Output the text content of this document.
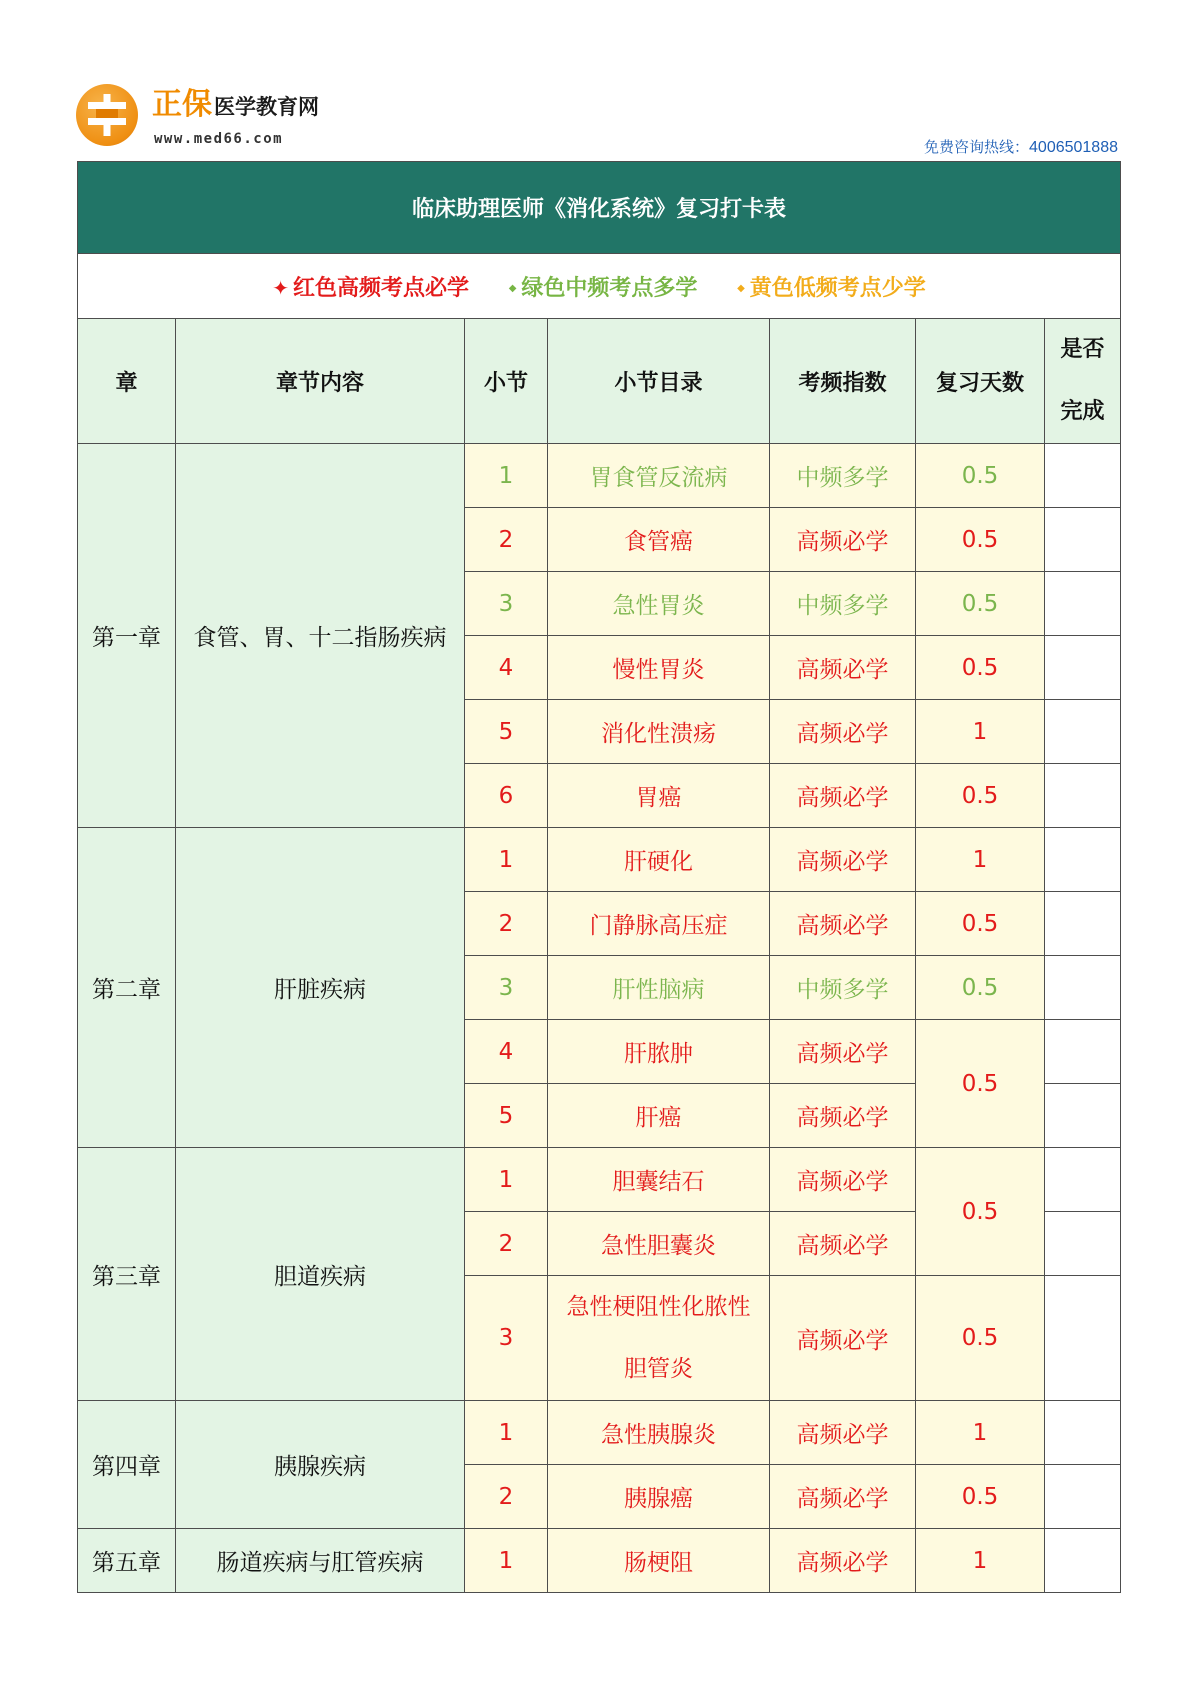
正保医学教育网
www.med66.com	免费咨询热线：4006501888
临床助理医师《消化系统》复习打卡表						
✦ 红色高频考点必学 ◆ 绿色中频考点多学 ◆ 黄色低频考点少学						
章	章节内容	小节	小节目录	考频指数	复习天数	是否
完成
第一章	食管、胃、十二指肠疾病	1	胃食管反流病	中频多学	0.5	
		2	食管癌	高频必学	0.5	
		3	急性胃炎	中频多学	0.5	
		4	慢性胃炎	高频必学	0.5	
		5	消化性溃疡	高频必学	1	
		6	胃癌	高频必学	0.5	
第二章	肝脏疾病	1	肝硬化	高频必学	1	
		2	门静脉高压症	高频必学	0.5	
		3	肝性脑病	中频多学	0.5	
		4	肝脓肿	高频必学	0.5	
		5	肝癌	高频必学		
第三章	胆道疾病	1	胆囊结石	高频必学	0.5	
		2	急性胆囊炎	高频必学		
		3	急性梗阻性化脓性胆管炎	高频必学	0.5	
第四章	胰腺疾病	1	急性胰腺炎	高频必学	1	
		2	胰腺癌	高频必学	0.5	
第五章	肠道疾病与肛管疾病	1	肠梗阻	高频必学	1	
